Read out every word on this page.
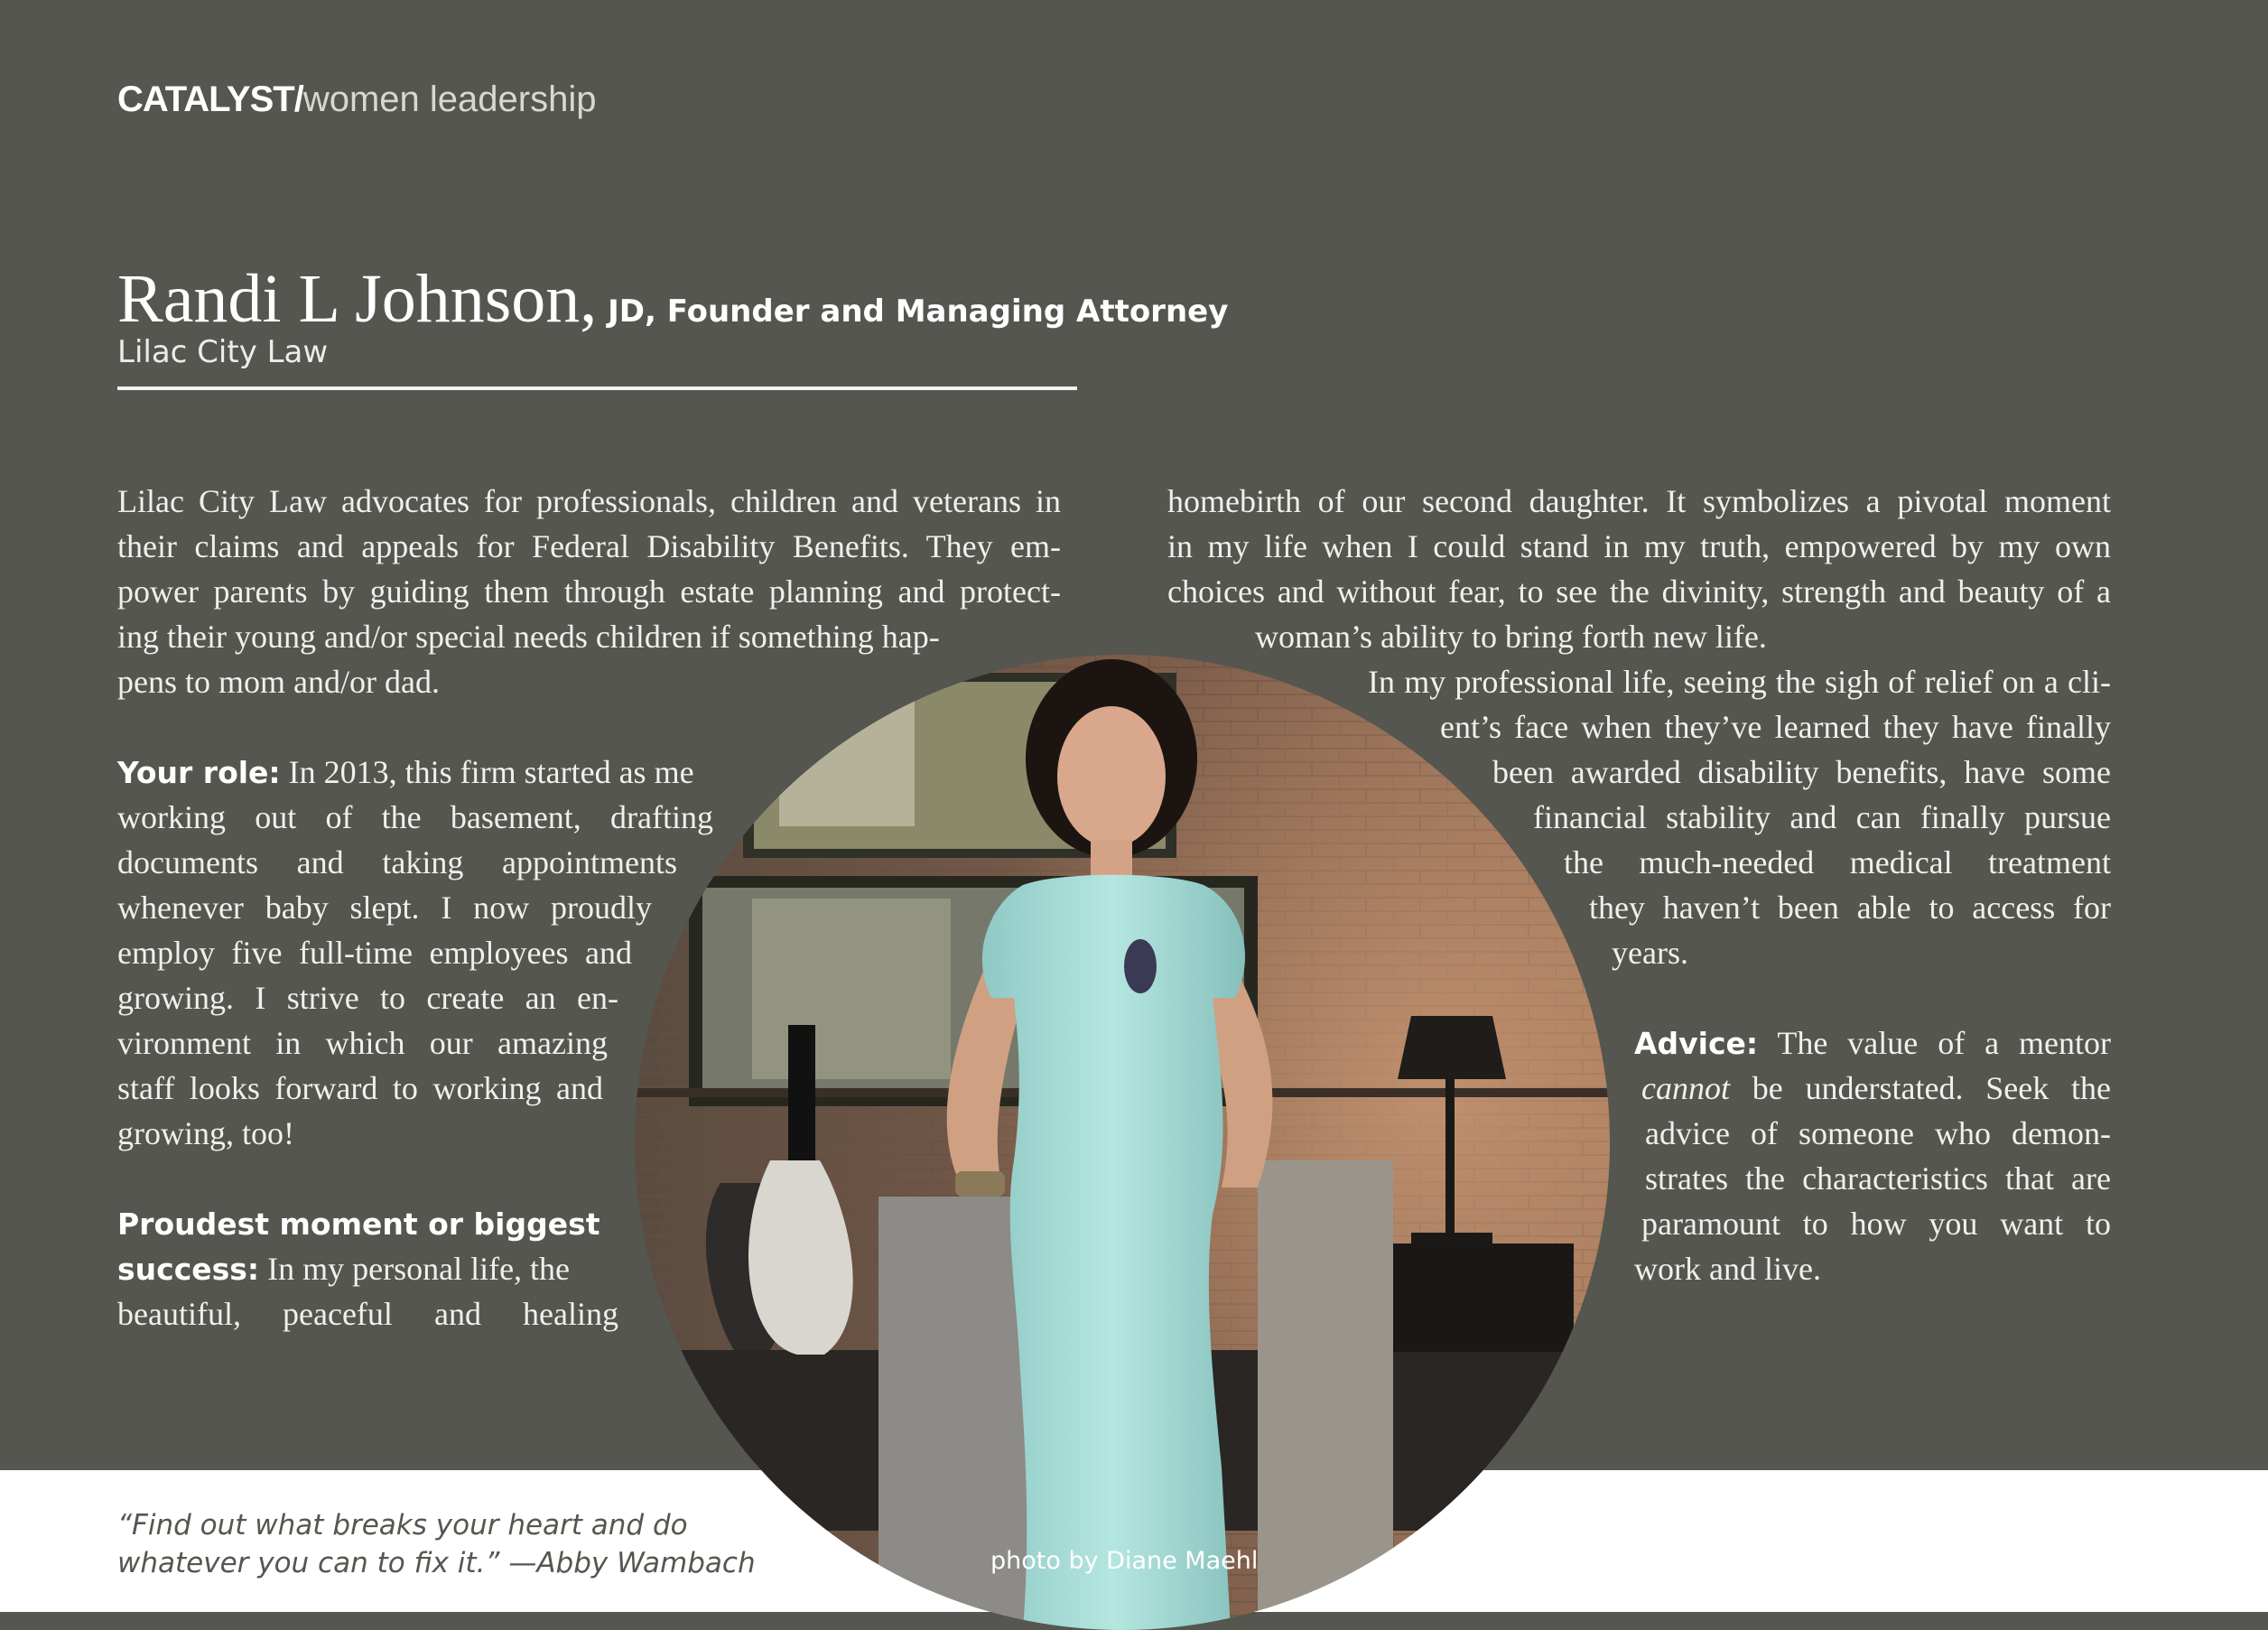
CATALYST/women leadership
Randi L Johnson, JD, Founder and Managing Attorney
Lilac City Law
Lilac City Law advocates for professionals, children and veterans in
their claims and appeals for Federal Disability Benefits. They em-
power parents by guiding them through estate planning and protect-
ing their young and/or special needs children if something hap-
pens to mom and/or dad.
Your role: In 2013, this firm started as me
working out of the basement, drafting
documents and taking appointments
whenever baby slept. I now proudly
employ five full-time employees and
growing. I strive to create an en-
vironment in which our amazing
staff looks forward to working and
growing, too!
Proudest moment or biggest
success: In my personal life, the
beautiful, peaceful and healing
homebirth of our second daughter. It symbolizes a pivotal moment
in my life when I could stand in my truth, empowered by my own
choices and without fear, to see the divinity, strength and beauty of a
woman’s ability to bring forth new life.
In my professional life, seeing the sigh of relief on a cli-
ent’s face when they’ve learned they have finally
been awarded disability benefits, have some
financial stability and can finally pursue
the much-needed medical treatment
they haven’t been able to access for
years.
Advice: The value of a mentor
cannot be understated. Seek the
advice of someone who demon-
strates the characteristics that are
paramount to how you want to
work and live.
“Find out what breaks your heart and do
whatever you can to fix it.” —Abby Wambach	photo by Diane Maehl
